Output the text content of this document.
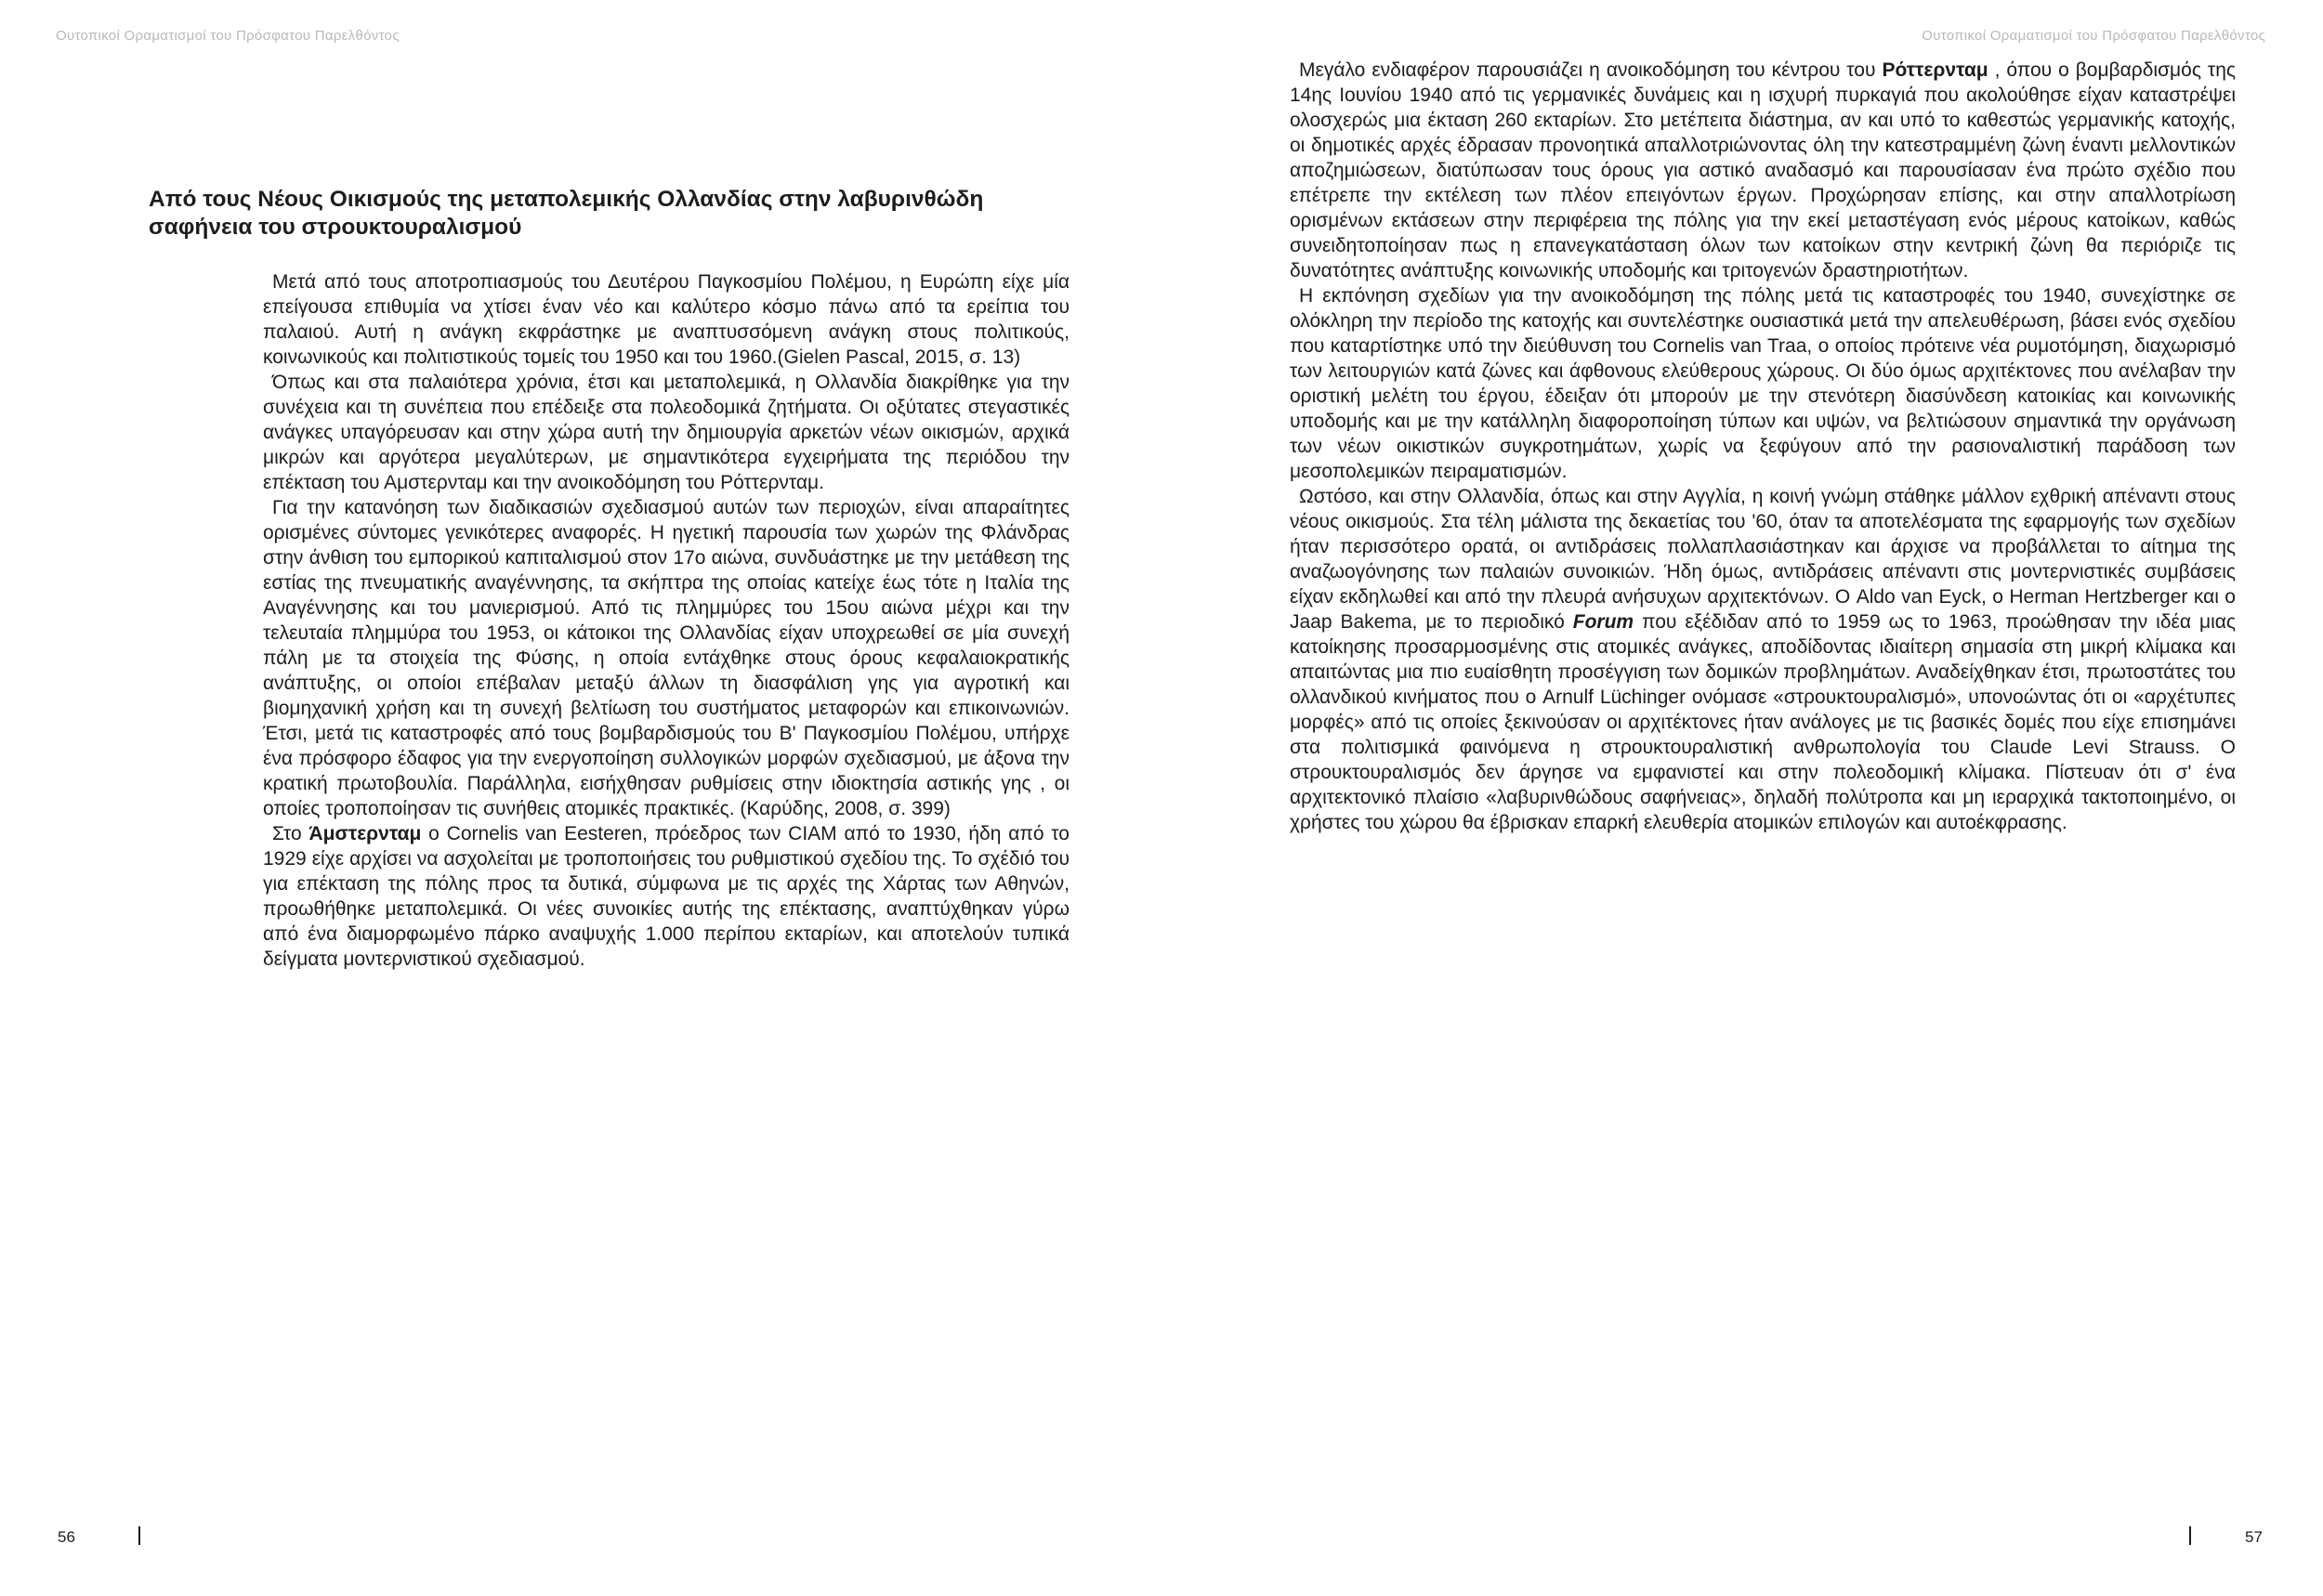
Ουτοπικοί Οραματισμοί του Πρόσφατου Παρελθόντος	Ουτοπικοί Οραματισμοί του Πρόσφατου Παρελθόντος
Από τους Νέους Οικισμούς της μεταπολεμικής Ολλανδίας στην λαβυρινθώδη σαφήνεια του στρουκτουραλισμού

Μετά από τους αποτροπιασμούς του Δευτέρου Παγκοσμίου Πολέμου, η Ευρώπη είχε μία επείγουσα επιθυμία να χτίσει έναν νέο και καλύτερο κόσμο πάνω από τα ερείπια του παλαιού. Αυτή η ανάγκη εκφράστηκε με αναπτυσσόμενη ανάγκη στους πολιτικούς, κοινωνικούς και πολιτιστικούς τομείς του 1950 και του 1960.(Gielen Pascal, 2015, σ. 13)

Όπως και στα παλαιότερα χρόνια, έτσι και μεταπολεμικά, η Ολλανδία διακρίθηκε για την συνέχεια και τη συνέπεια που επέδειξε στα πολεοδομικά ζητήματα. Οι οξύτατες στεγαστικές ανάγκες υπαγόρευσαν και στην χώρα αυτή την δημιουργία αρκετών νέων οικισμών, αρχικά μικρών και αργότερα μεγαλύτερων, με σημαντικότερα εγχειρήματα της περιόδου την επέκταση του Αμστερνταμ και την ανοικοδόμηση του Ρόττερνταμ.

Για την κατανόηση των διαδικασιών σχεδιασμού αυτών των περιοχών, είναι απαραίτητες ορισμένες σύντομες γενικότερες αναφορές. Η ηγετική παρουσία των χωρών της Φλάνδρας στην άνθιση του εμπορικού καπιταλισμού στον 17ο αιώνα, συνδυάστηκε με την μετάθεση της εστίας της πνευματικής αναγέννησης, τα σκήπτρα της οποίας κατείχε έως τότε η Ιταλία της Αναγέννησης και του μανιερισμού. Από τις πλημμύρες του 15ου αιώνα μέχρι και την τελευταία πλημμύρα του 1953, οι κάτοικοι της Ολλανδίας είχαν υποχρεωθεί σε μία συνεχή πάλη με τα στοιχεία της Φύσης, η οποία εντάχθηκε στους όρους κεφαλαιοκρατικής ανάπτυξης, οι οποίοι επέβαλαν μεταξύ άλλων τη διασφάλιση γης για αγροτική και βιομηχανική χρήση και τη συνεχή βελτίωση του συστήματος μεταφορών και επικοινωνιών. Έτσι, μετά τις καταστροφές από τους βομβαρδισμούς του Β' Παγκοσμίου Πολέμου, υπήρχε ένα πρόσφορο έδαφος για την ενεργοποίηση συλλογικών μορφών σχεδιασμού, με άξονα την κρατική πρωτοβουλία. Παράλληλα, εισήχθησαν ρυθμίσεις στην ιδιοκτησία αστικής γης , οι οποίες τροποποίησαν τις συνήθεις ατομικές πρακτικές. (Καρύδης, 2008, σ. 399)

Στο Άμστερνταμ ο Cornelis van Eesteren, πρόεδρος των CIAM από το 1930, ήδη από το 1929 είχε αρχίσει να ασχολείται με τροποποιήσεις του ρυθμιστικού σχεδίου της. Το σχέδιό του για επέκταση της πόλης προς τα δυτικά, σύμφωνα με τις αρχές της Χάρτας των Αθηνών, προωθήθηκε μεταπολεμικά. Οι νέες συνοικίες αυτής της επέκτασης, αναπτύχθηκαν γύρω από ένα διαμορφωμένο πάρκο αναψυχής 1.000 περίπου εκταρίων, και αποτελούν τυπικά δείγματα μοντερνιστικού σχεδιασμού.

Μεγάλο ενδιαφέρον παρουσιάζει η ανοικοδόμηση του κέντρου του Ρόττερνταμ , όπου ο βομβαρδισμός της 14ης Ιουνίου 1940 από τις γερμανικές δυνάμεις και η ισχυρή πυρκαγιά που ακολούθησε είχαν καταστρέψει ολοσχερώς μια έκταση 260 εκταρίων. Στο μετέπειτα διάστημα, αν και υπό το καθεστώς γερμανικής κατοχής, οι δημοτικές αρχές έδρασαν προνοητικά απαλλοτριώνοντας όλη την κατεστραμμένη ζώνη έναντι μελλοντικών αποζημιώσεων, διατύπωσαν τους όρους για αστικό αναδασμό και παρουσίασαν ένα πρώτο σχέδιο που επέτρεπε την εκτέλεση των πλέον επειγόντων έργων. Προχώρησαν επίσης, και στην απαλλοτρίωση ορισμένων εκτάσεων στην περιφέρεια της πόλης για την εκεί μεταστέγαση ενός μέρους κατοίκων, καθώς συνειδητοποίησαν πως η επανεγκατάσταση όλων των κατοίκων στην κεντρική ζώνη θα περιόριζε τις δυνατότητες ανάπτυξης κοινωνικής υποδομής και τριτογενών δραστηριοτήτων.

Η εκπόνηση σχεδίων για την ανοικοδόμηση της πόλης μετά τις καταστροφές του 1940, συνεχίστηκε σε ολόκληρη την περίοδο της κατοχής και συντελέστηκε ουσιαστικά μετά την απελευθέρωση, βάσει ενός σχεδίου που καταρτίστηκε υπό την διεύθυνση του Cornelis van Traa, ο οποίος πρότεινε νέα ρυμοτόμηση, διαχωρισμό των λειτουργιών κατά ζώνες και άφθονους ελεύθερους χώρους. Οι δύο όμως αρχιτέκτονες που ανέλαβαν την οριστική μελέτη του έργου, έδειξαν ότι μπορούν με την στενότερη διασύνδεση κατοικίας και κοινωνικής υποδομής και με την κατάλληλη διαφοροποίηση τύπων και υψών, να βελτιώσουν σημαντικά την οργάνωση των νέων οικιστικών συγκροτημάτων, χωρίς να ξεφύγουν από την ρασιοναλιστική παράδοση των μεσοπολεμικών πειραματισμών.

Ωστόσο, και στην Ολλανδία, όπως και στην Αγγλία, η κοινή γνώμη στάθηκε μάλλον εχθρική απέναντι στους νέους οικισμούς. Στα τέλη μάλιστα της δεκαετίας του '60, όταν τα αποτελέσματα της εφαρμογής των σχεδίων ήταν περισσότερο ορατά, οι αντιδράσεις πολλαπλασιάστηκαν και άρχισε να προβάλλεται το αίτημα της αναζωογόνησης των παλαιών συνοικιών. Ήδη όμως, αντιδράσεις απέναντι στις μοντερνιστικές συμβάσεις είχαν εκδηλωθεί και από την πλευρά ανήσυχων αρχιτεκτόνων. Ο Aldo van Eyck, ο Herman Hertzberger και ο Jaap Bakema, με το περιοδικό Forum που εξέδιδαν από το 1959 ως το 1963, προώθησαν την ιδέα μιας κατοίκησης προσαρμοσμένης στις ατομικές ανάγκες, αποδίδοντας ιδιαίτερη σημασία στη μικρή κλίμακα και απαιτώντας μια πιο ευαίσθητη προσέγγιση των δομικών προβλημάτων. Αναδείχθηκαν έτσι, πρωτοστάτες του ολλανδικού κινήματος που ο Arnulf Lüchinger ονόμασε «στρουκτουραλισμό», υπονοώντας ότι οι «αρχέτυπες μορφές» από τις οποίες ξεκινούσαν οι αρχιτέκτονες ήταν ανάλογες με τις βασικές δομές που είχε επισημάνει στα πολιτισμικά φαινόμενα η στρουκτουραλιστική ανθρωπολογία του Claude Levi Strauss. Ο στρουκτουραλισμός δεν άργησε να εμφανιστεί και στην πολεοδομική κλίμακα. Πίστευαν ότι σ' ένα αρχιτεκτονικό πλαίσιο «λαβυρινθώδους σαφήνειας», δηλαδή πολύτροπα και μη ιεραρχικά τακτοποιημένο, οι χρήστες του χώρου θα έβρισκαν επαρκή ελευθερία ατομικών επιλογών και αυτοέκφρασης.

56	57
